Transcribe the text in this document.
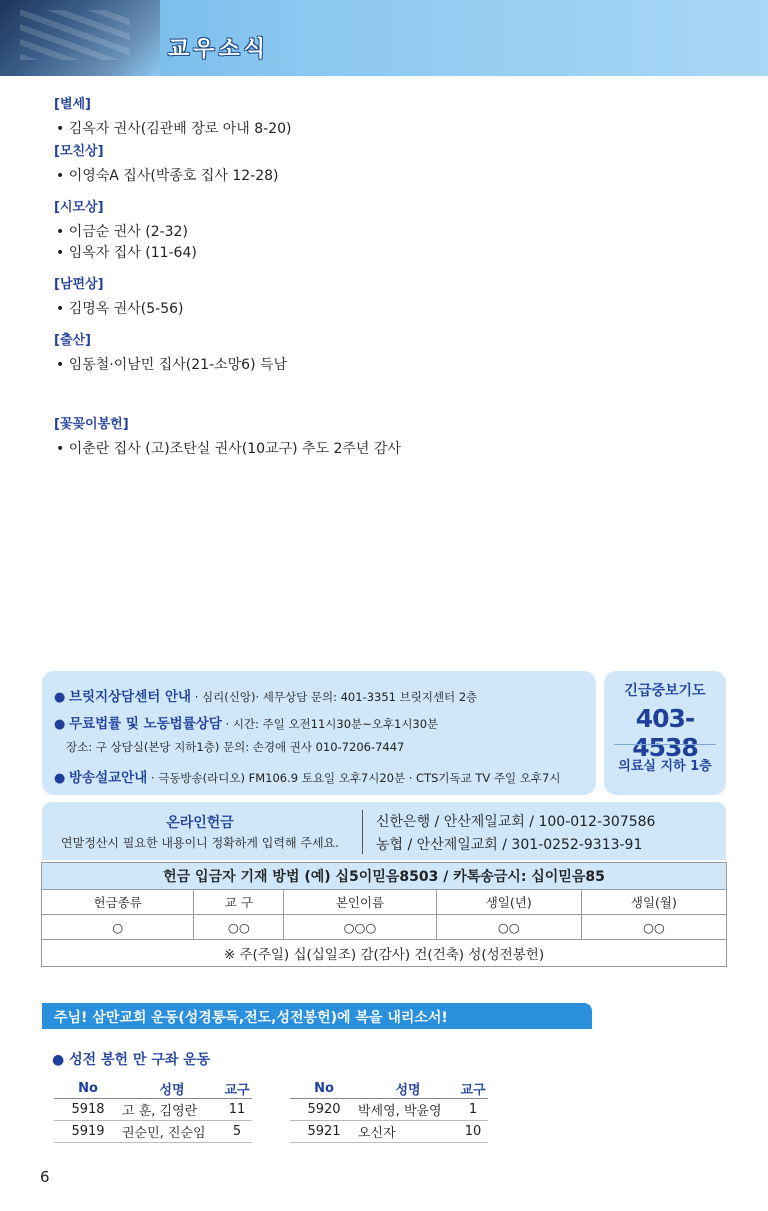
교우소식
[별세]
• 김옥자 권사(김관배 장로 아내 8-20)
[모친상]
• 이영숙A 집사(박종호 집사 12-28)
[시모상]
• 이금순 권사 (2-32)
• 임옥자 집사 (11-64)
[남편상]
• 김명옥 권사(5-56)
[출산]
• 임동철·이남민 집사(21-소망6) 득남
[꽃꽂이봉헌]
• 이춘란 집사 (고)조탄실 권사(10교구) 추도 2주년 감사
● 브릿지상담센터 안내 · 심리(신앙)· 세무상담 문의: 401-3351 브릿지센터 2층
● 무료법률 및 노동법률상담 · 시간: 주일 오전11시30분~오후1시30분
장소: 구 상담실(본당 지하1층) 문의: 손경애 권사 010-7206-7447
● 방송설교안내 · 극동방송(라디오) FM106.9 토요일 오후7시20분 · CTS기독교 TV 주일 오후7시
긴급중보기도
403-4538
의료실 지하 1층
온라인헌금
연말정산시 필요한 내용이니 정확하게 입력해 주세요.
신한은행 / 안산제일교회 / 100-012-307586
농협 / 안산제일교회 / 301-0252-9313-91
헌금 입금자 기재 방법 (예) 십5이믿음8503 / 카톡송금시: 십이믿음85				
헌금종류	교 구	본인이름	생일(년)	생일(월)
○	○○	○○○	○○	○○
※ 주(주일) 십(십일조) 감(감사) 건(건축) 성(성전봉헌)				
주님! 삼만교회 운동(성경통독,전도,성전봉헌)에 복을 내리소서!
● 성전 봉헌 만 구좌 운동
No	성명	교구
5918	고 훈, 김영란	11
5919	권순민, 진순임	5
No	성명	교구
5920	박세영, 박윤영	1
5921	오신자	10
6
